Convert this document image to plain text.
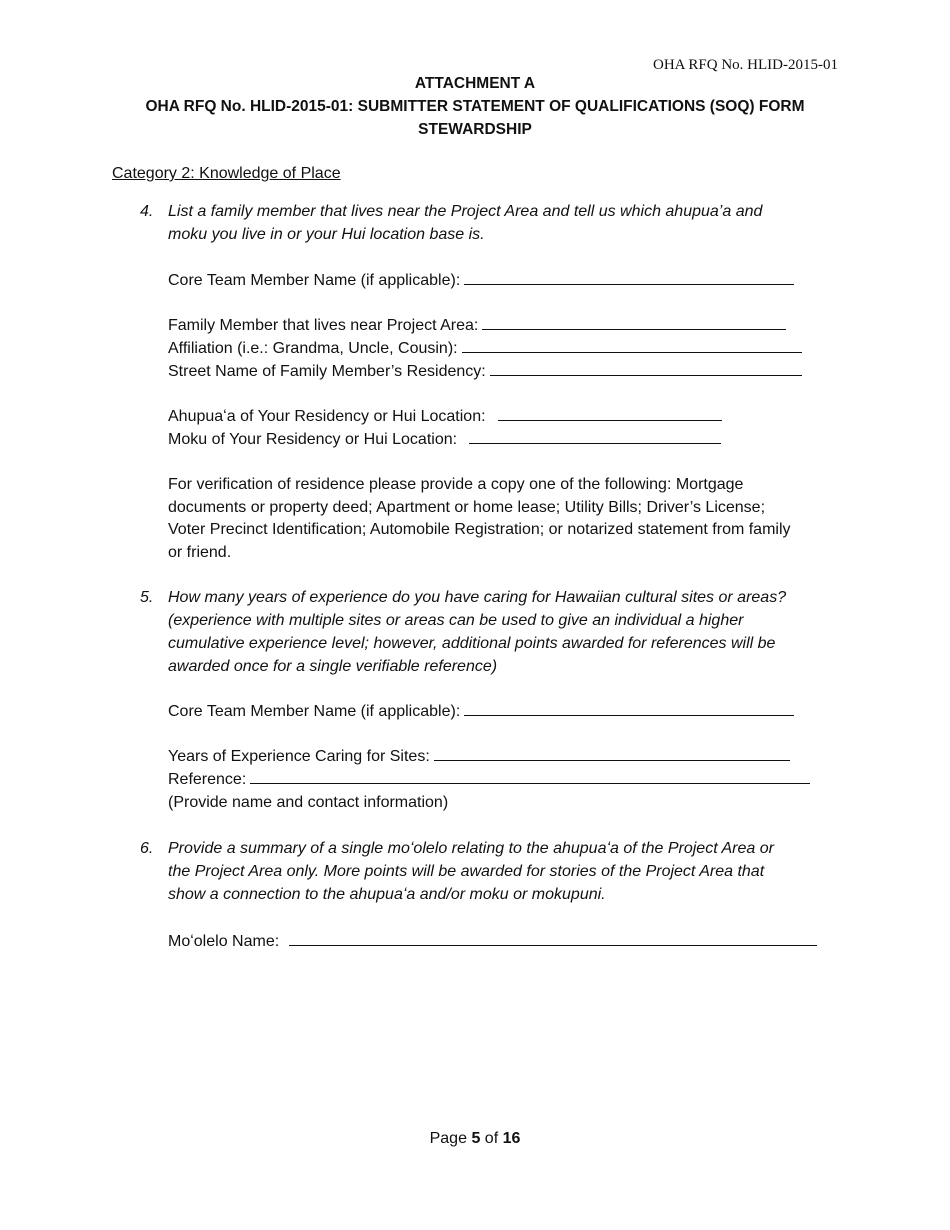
OHA RFQ No. HLID-2015-01
ATTACHMENT A
OHA RFQ No. HLID-2015-01: SUBMITTER STATEMENT OF QUALIFICATIONS (SOQ) FORM
STEWARDSHIP
Category 2: Knowledge of Place
4. List a family member that lives near the Project Area and tell us which ahupua’a and
moku you live in or your Hui location base is.
Core Team Member Name (if applicable):
Family Member that lives near Project Area:
Affiliation (i.e.: Grandma, Uncle, Cousin):
Street Name of Family Member’s Residency:
Ahupuaʻa of Your Residency or Hui Location:
Moku of Your Residency or Hui Location:
For verification of residence please provide a copy one of the following: Mortgage
documents or property deed; Apartment or home lease; Utility Bills; Driver’s License;
Voter Precinct Identification; Automobile Registration; or notarized statement from family
or friend.
5. How many years of experience do you have caring for Hawaiian cultural sites or areas?
(experience with multiple sites or areas can be used to give an individual a higher
cumulative experience level; however, additional points awarded for references will be
awarded once for a single verifiable reference)
Core Team Member Name (if applicable):
Years of Experience Caring for Sites:
Reference:
(Provide name and contact information)
6. Provide a summary of a single moʻolelo relating to the ahupuaʻa of the Project Area or
the Project Area only. More points will be awarded for stories of the Project Area that
show a connection to the ahupuaʻa and/or moku or mokupuni.
Moʻolelo Name:
Page 5 of 16
